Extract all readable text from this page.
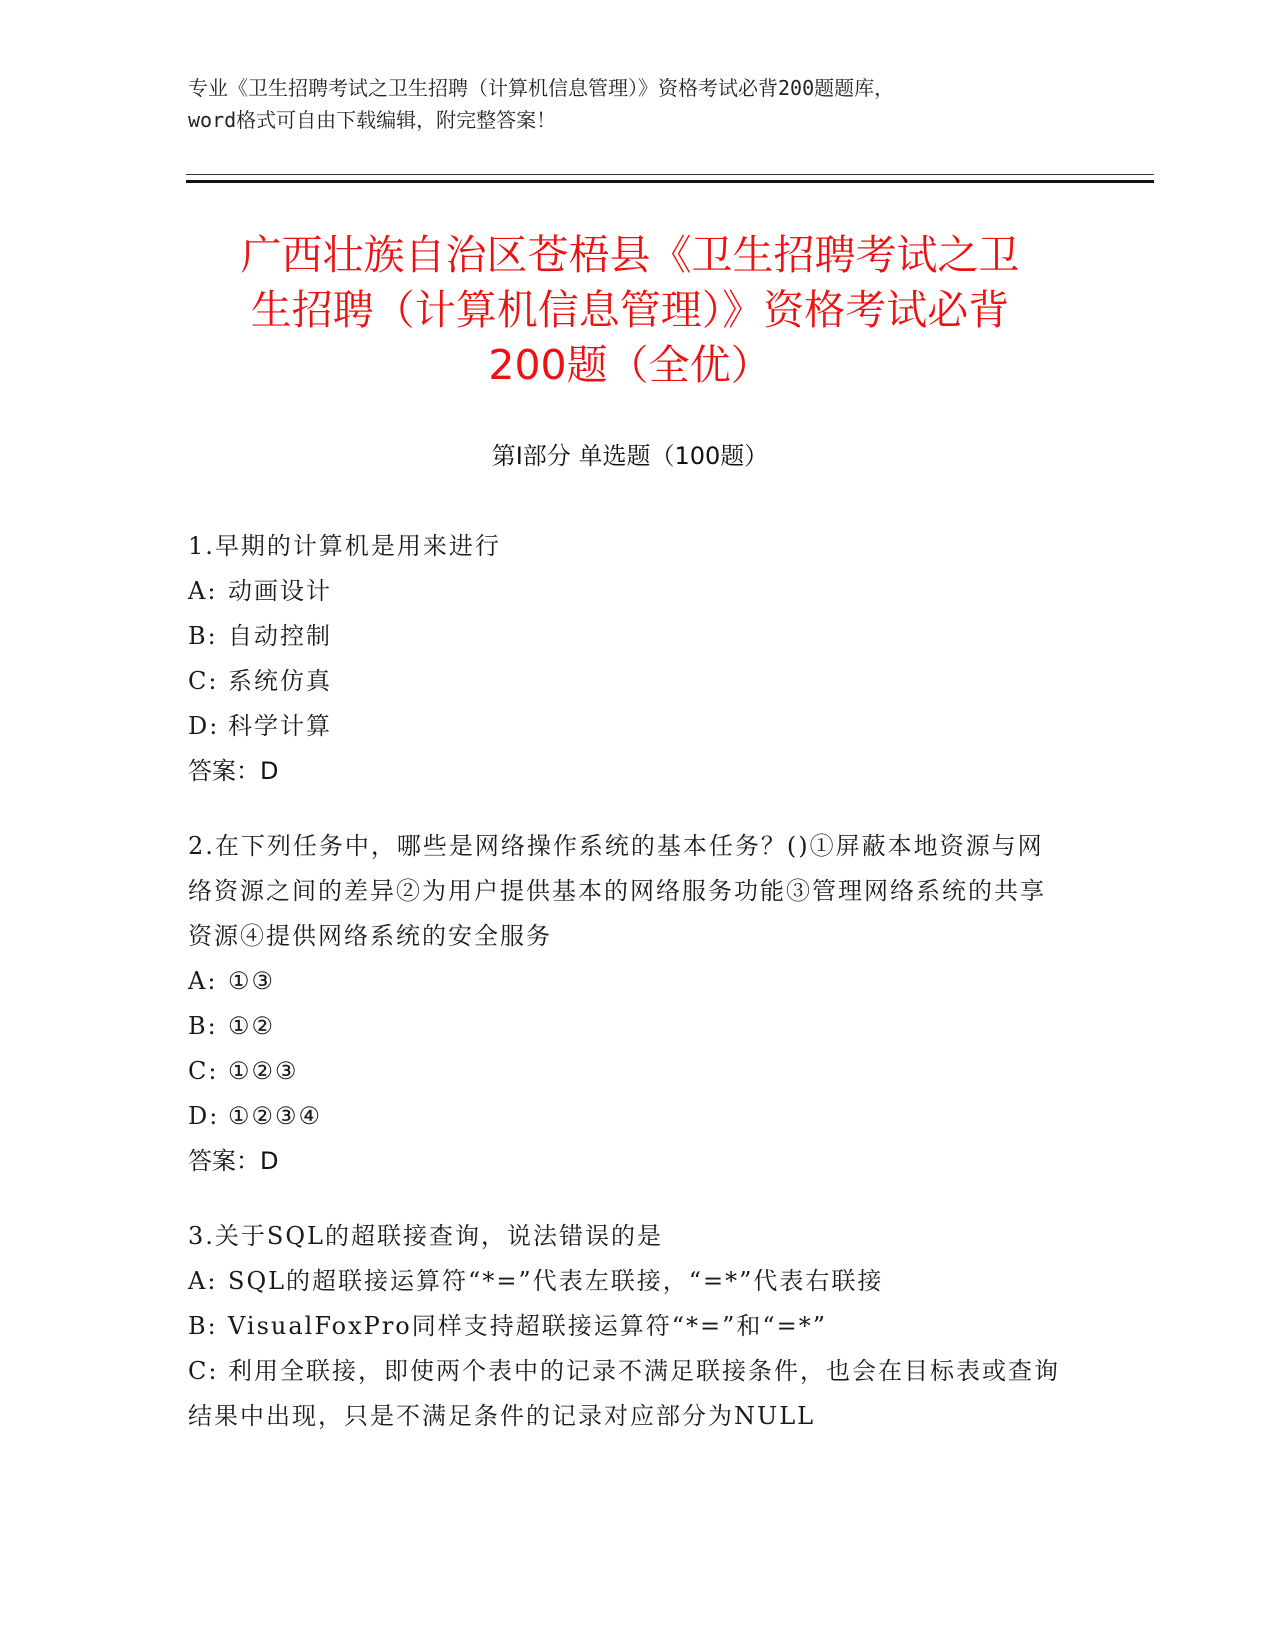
专业《卫生招聘考试之卫生招聘（计算机信息管理）》资格考试必背200题题库，
word格式可自由下载编辑，附完整答案！
广西壮族自治区苍梧县《卫生招聘考试之卫
生招聘（计算机信息管理）》资格考试必背
200题（全优）
第Ⅰ部分 单选题（100题）
1.早期的计算机是用来进行
A: 动画设计
B: 自动控制
C: 系统仿真
D: 科学计算
答案：D
2.在下列任务中，哪些是网络操作系统的基本任务？()①屏蔽本地资源与网络资源之间的差异②为用户提供基本的网络服务功能③管理网络系统的共享资源④提供网络系统的安全服务
A: ①③
B: ①②
C: ①②③
D: ①②③④
答案：D
3.关于SQL的超联接查询，说法错误的是
A: SQL的超联接运算符“*=”代表左联接，“=*”代表右联接
B: VisualFoxPro同样支持超联接运算符“*=”和“=*”
C: 利用全联接，即使两个表中的记录不满足联接条件，也会在目标表或查询结果中出现，只是不满足条件的记录对应部分为NULL
